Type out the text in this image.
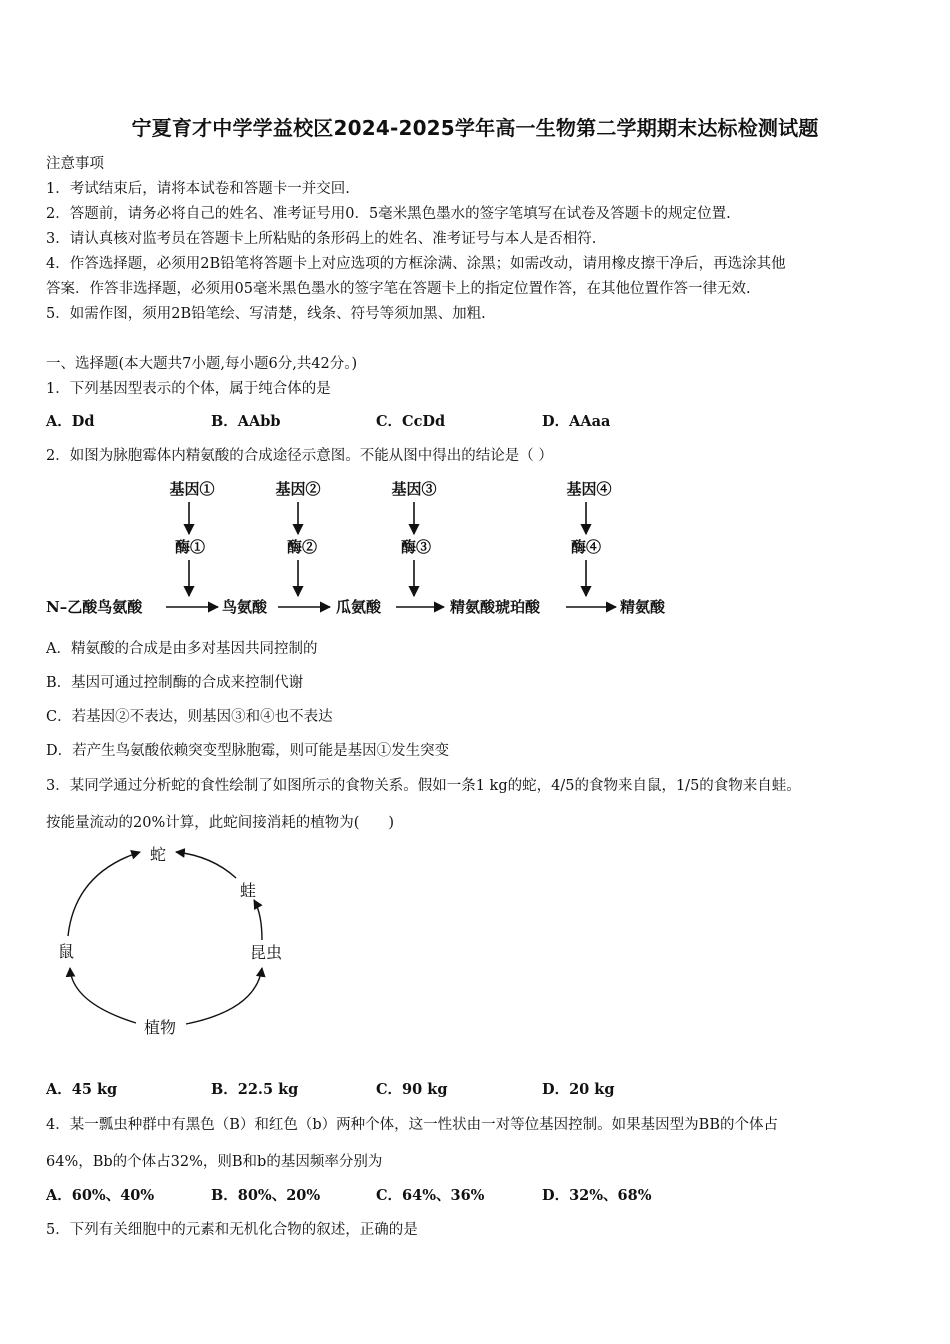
宁夏育才中学学益校区2024-2025学年高一生物第二学期期末达标检测试题
注意事项
1．考试结束后，请将本试卷和答题卡一并交回.
2．答题前，请务必将自己的姓名、准考证号用0．5毫米黑色墨水的签字笔填写在试卷及答题卡的规定位置.
3．请认真核对监考员在答题卡上所粘贴的条形码上的姓名、准考证号与本人是否相符.
4．作答选择题，必须用2B铅笔将答题卡上对应选项的方框涂满、涂黑；如需改动，请用橡皮擦干净后，再选涂其他
答案．作答非选择题，必须用05毫米黑色墨水的签字笔在答题卡上的指定位置作答，在其他位置作答一律无效.
5．如需作图，须用2B铅笔绘、写清楚，线条、符号等须加黑、加粗.
一、选择题(本大题共7小题,每小题6分,共42分。)
1．下列基因型表示的个体，属于纯合体的是
A．Dd	B．AAbb	C．CcDd	D．AAaa
2．如图为脉胞霉体内精氨酸的合成途径示意图。不能从图中得出的结论是（ ）
基因①	基因②	基因③	基因④
酶①	酶②	酶③	酶④
N–乙酸鸟氨酸	鸟氨酸	瓜氨酸	精氨酸琥珀酸	精氨酸
A．精氨酸的合成是由多对基因共同控制的
B．基因可通过控制酶的合成来控制代谢
C．若基因②不表达，则基因③和④也不表达
D．若产生鸟氨酸依赖突变型脉胞霉，则可能是基因①发生突变
3．某同学通过分析蛇的食性绘制了如图所示的食物关系。假如一条1 kg的蛇，4/5的食物来自鼠，1/5的食物来自蛙。
按能量流动的20%计算，此蛇间接消耗的植物为(　　)
蛇
蛙
鼠	昆虫
植物
A．45 kg	B．22.5 kg	C．90 kg	D．20 kg
4．某一瓢虫种群中有黑色（B）和红色（b）两种个体，这一性状由一对等位基因控制。如果基因型为BB的个体占
64%，Bb的个体占32%，则B和b的基因频率分别为
A．60%、40%	B．80%、20%	C．64%、36%	D．32%、68%
5．下列有关细胞中的元素和无机化合物的叙述，正确的是
